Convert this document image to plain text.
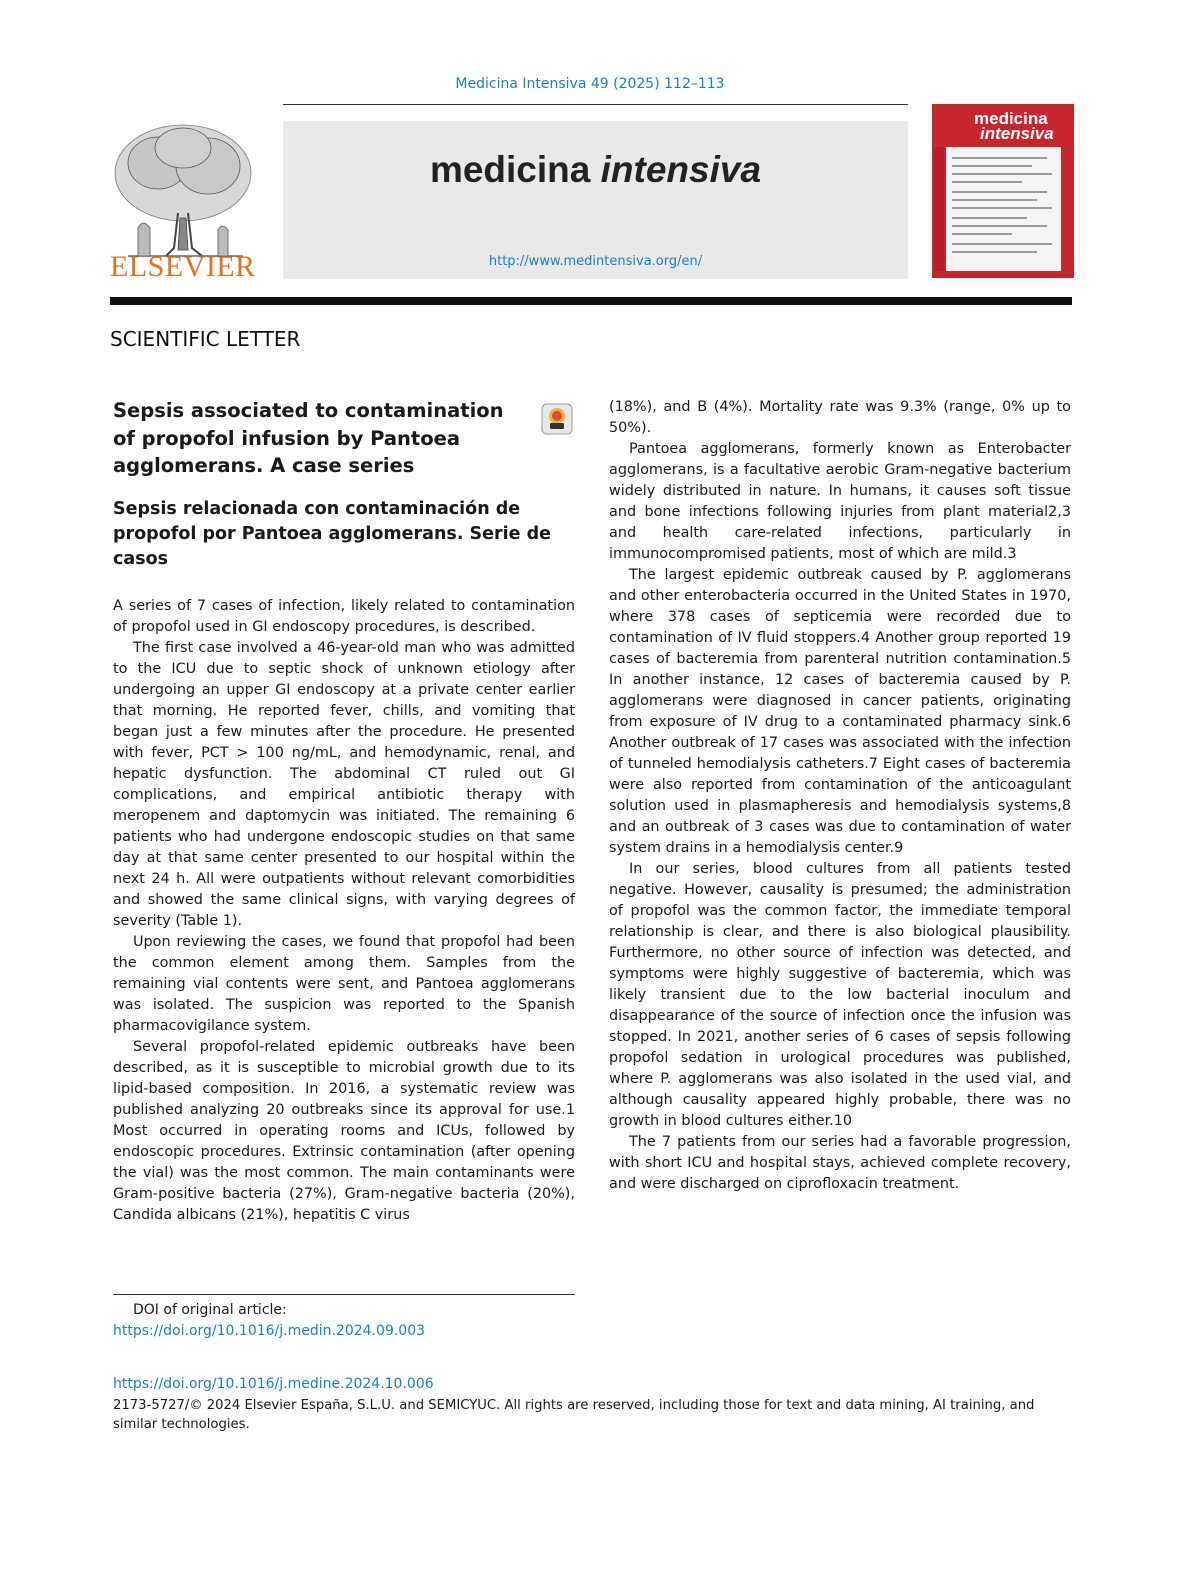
Medicina Intensiva 49 (2025) 112–113
ELSEVIER
medicina intensiva
http://www.medintensiva.org/en/
medicina
intensiva
SCIENTIFIC LETTER
Sepsis associated to contamination of propofol infusion by Pantoea agglomerans. A case series
Sepsis relacionada con contaminación de propofol por Pantoea agglomerans. Serie de casos

A series of 7 cases of infection, likely related to contamination of propofol used in GI endoscopy procedures, is described.

The first case involved a 46-year-old man who was admitted to the ICU due to septic shock of unknown etiology after undergoing an upper GI endoscopy at a private center earlier that morning. He reported fever, chills, and vomiting that began just a few minutes after the procedure. He presented with fever, PCT > 100 ng/mL, and hemodynamic, renal, and hepatic dysfunction. The abdominal CT ruled out GI complications, and empirical antibiotic therapy with meropenem and daptomycin was initiated. The remaining 6 patients who had undergone endoscopic studies on that same day at that same center presented to our hospital within the next 24 h. All were outpatients without relevant comorbidities and showed the same clinical signs, with varying degrees of severity (Table 1).

Upon reviewing the cases, we found that propofol had been the common element among them. Samples from the remaining vial contents were sent, and Pantoea agglomerans was isolated. The suspicion was reported to the Spanish pharmacovigilance system.

Several propofol-related epidemic outbreaks have been described, as it is susceptible to microbial growth due to its lipid-based composition. In 2016, a systematic review was published analyzing 20 outbreaks since its approval for use.1 Most occurred in operating rooms and ICUs, followed by endoscopic procedures. Extrinsic contamination (after opening the vial) was the most common. The main contaminants were Gram-positive bacteria (27%), Gram-negative bacteria (20%), Candida albicans (21%), hepatitis C virus

(18%), and B (4%). Mortality rate was 9.3% (range, 0% up to 50%).

Pantoea agglomerans, formerly known as Enterobacter agglomerans, is a facultative aerobic Gram-negative bacterium widely distributed in nature. In humans, it causes soft tissue and bone infections following injuries from plant material2,3 and health care-related infections, particularly in immunocompromised patients, most of which are mild.3

The largest epidemic outbreak caused by P. agglomerans and other enterobacteria occurred in the United States in 1970, where 378 cases of septicemia were recorded due to contamination of IV fluid stoppers.4 Another group reported 19 cases of bacteremia from parenteral nutrition contamination.5 In another instance, 12 cases of bacteremia caused by P. agglomerans were diagnosed in cancer patients, originating from exposure of IV drug to a contaminated pharmacy sink.6 Another outbreak of 17 cases was associated with the infection of tunneled hemodialysis catheters.7 Eight cases of bacteremia were also reported from contamination of the anticoagulant solution used in plasmapheresis and hemodialysis systems,8 and an outbreak of 3 cases was due to contamination of water system drains in a hemodialysis center.9

In our series, blood cultures from all patients tested negative. However, causality is presumed; the administration of propofol was the common factor, the immediate temporal relationship is clear, and there is also biological plausibility. Furthermore, no other source of infection was detected, and symptoms were highly suggestive of bacteremia, which was likely transient due to the low bacterial inoculum and disappearance of the source of infection once the infusion was stopped. In 2021, another series of 6 cases of sepsis following propofol sedation in urological procedures was published, where P. agglomerans was also isolated in the used vial, and although causality appeared highly probable, there was no growth in blood cultures either.10

The 7 patients from our series had a favorable progression, with short ICU and hospital stays, achieved complete recovery, and were discharged on ciprofloxacin treatment.

DOI of original article: https://doi.org/10.1016/j.medin.2024.09.003
https://doi.org/10.1016/j.medine.2024.10.006
2173-5727/© 2024 Elsevier España, S.L.U. and SEMICYUC. All rights are reserved, including those for text and data mining, AI training, and similar technologies.
